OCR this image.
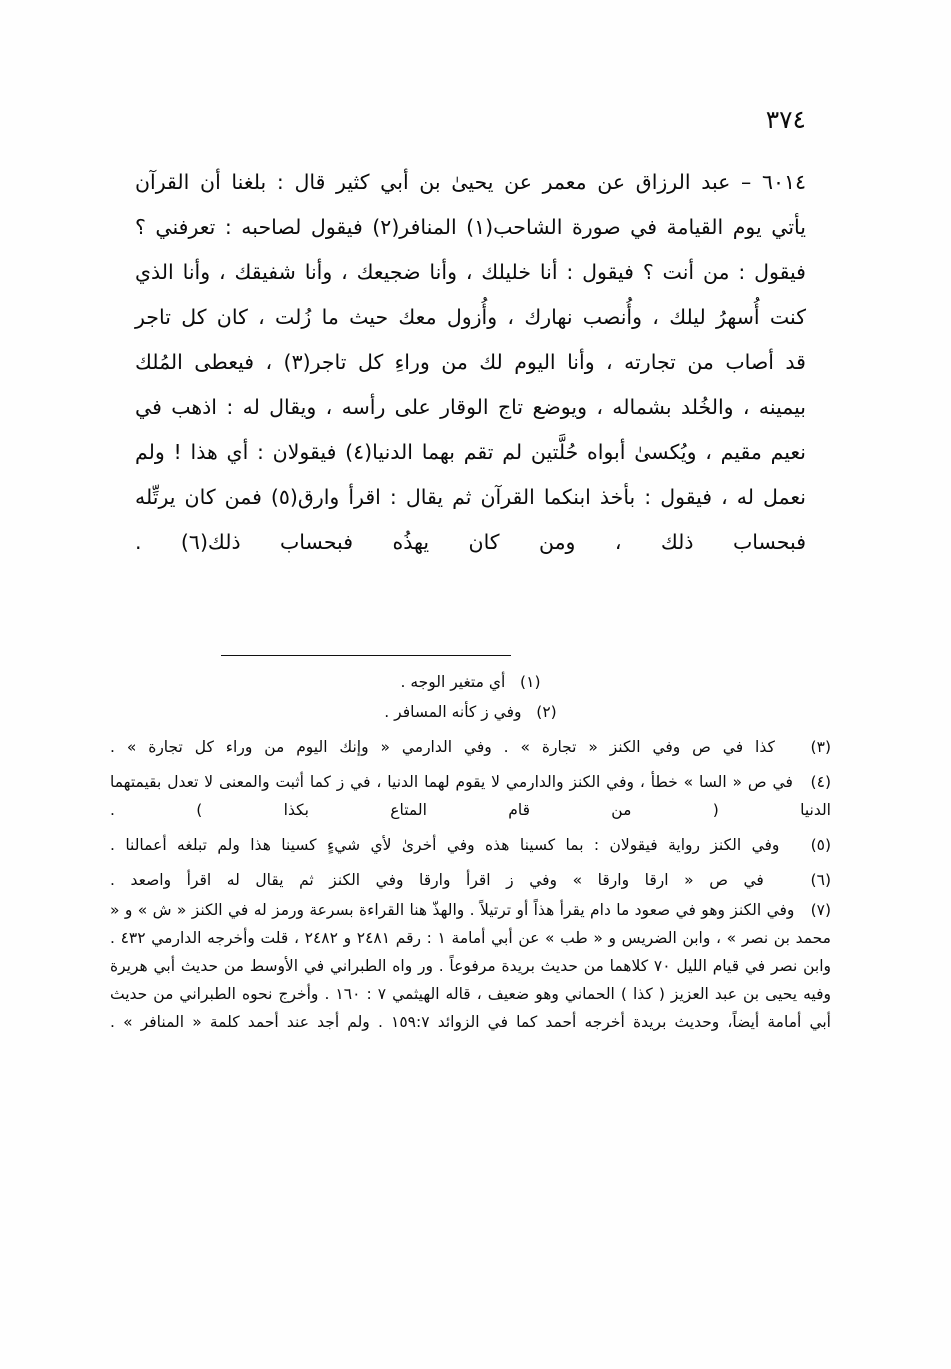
٣٧٤

٦٠١٤ – عبد الرزاق عن معمر عن يحيىٰ بن أبي كثير قال : بلغنا أن القرآن يأتي يوم القيامة في صورة الشاحب(١) المنافر(٢) فيقول لصاحبه : تعرفني ؟ فيقول : من أنت ؟ فيقول : أنا خليلك ، وأنا ضجيعك ، وأنا شفيقك ، وأنا الذي كنت أُسهرُ ليلك ، وأُنصب نهارك ، وأُزول معك حيث ما زُلت ، كان كل تاجر قد أصاب من تجارته ، وأنا اليوم لك من وراءِ كل تاجر(٣) ، فيعطى المُلك بيمينه ، والخُلد بشماله ، ويوضع تاج الوقار على رأسه ، ويقال له : اذهب في نعيم مقيم ، ويُكسىٰ أبواه حُلَّتين لم تقم بهما الدنيا(٤) فيقولان : أي هذا ! ولم نعمل له ، فيقول : بأخذ ابنكما القرآن ثم يقال : اقرأ وارق(٥) فمن كان يرتِّله فبحساب ذلك ، ومن كان يهذُه فبحساب ذلك(٦) .

(١)   أي متغير الوجه .

(٢)   وفي ز كأنه المسافر .

(٣)   كذا في ص وفي الكنز « تجارة » . وفي الدارمي « وإنك اليوم من وراء كل تجارة » .

(٤)   في ص « السا » خطأ ، وفي الكنز والدارمي لا يقوم لهما الدنيا ، في ز كما أثبت والمعنى لا تعدل بقيمتهما الدنيا ( من قام المتاع بكذا ) .

(٥)   وفي الكنز رواية فيقولان : بما كسينا هذه وفي أخرىٰ لأي شيءٍ كسينا هذا ولم تبلغه أعمالنا .

(٦)   في ص « ارقا وارقا » وفي ز اقرأ وارقا وفي الكنز ثم يقال له اقرأ واصعد .

(٧)   وفي الكنز وهو في صعود ما دام يقرأ هذاً أو ترتيلاً . والهذّ هنا القراءة بسرعة ورمز له في الكنز « ش » و « محمد بن نصر » ، وابن الضريس و « طب » عن أبي أمامة ١ : رقم ٢٤٨١ و ٢٤٨٢ ، قلت وأخرجه الدارمي ٤٣٢ . وابن نصر في قيام الليل ٧٠ كلاهما من حديث بريدة مرفوعاً . ور واه الطبراني في الأوسط من حديث أبي هريرة وفيه يحيى بن عبد العزيز ( كذا ) الحماني وهو ضعيف ، قاله الهيثمي ٧ : ١٦٠ . وأخرج نحوه الطبراني من حديث أبي أمامة أيضاً، وحديث بريدة أخرجه أحمد كما في الزوائد ١٥٩:٧ . ولم أجد عند أحمد كلمة « المنافر » .
